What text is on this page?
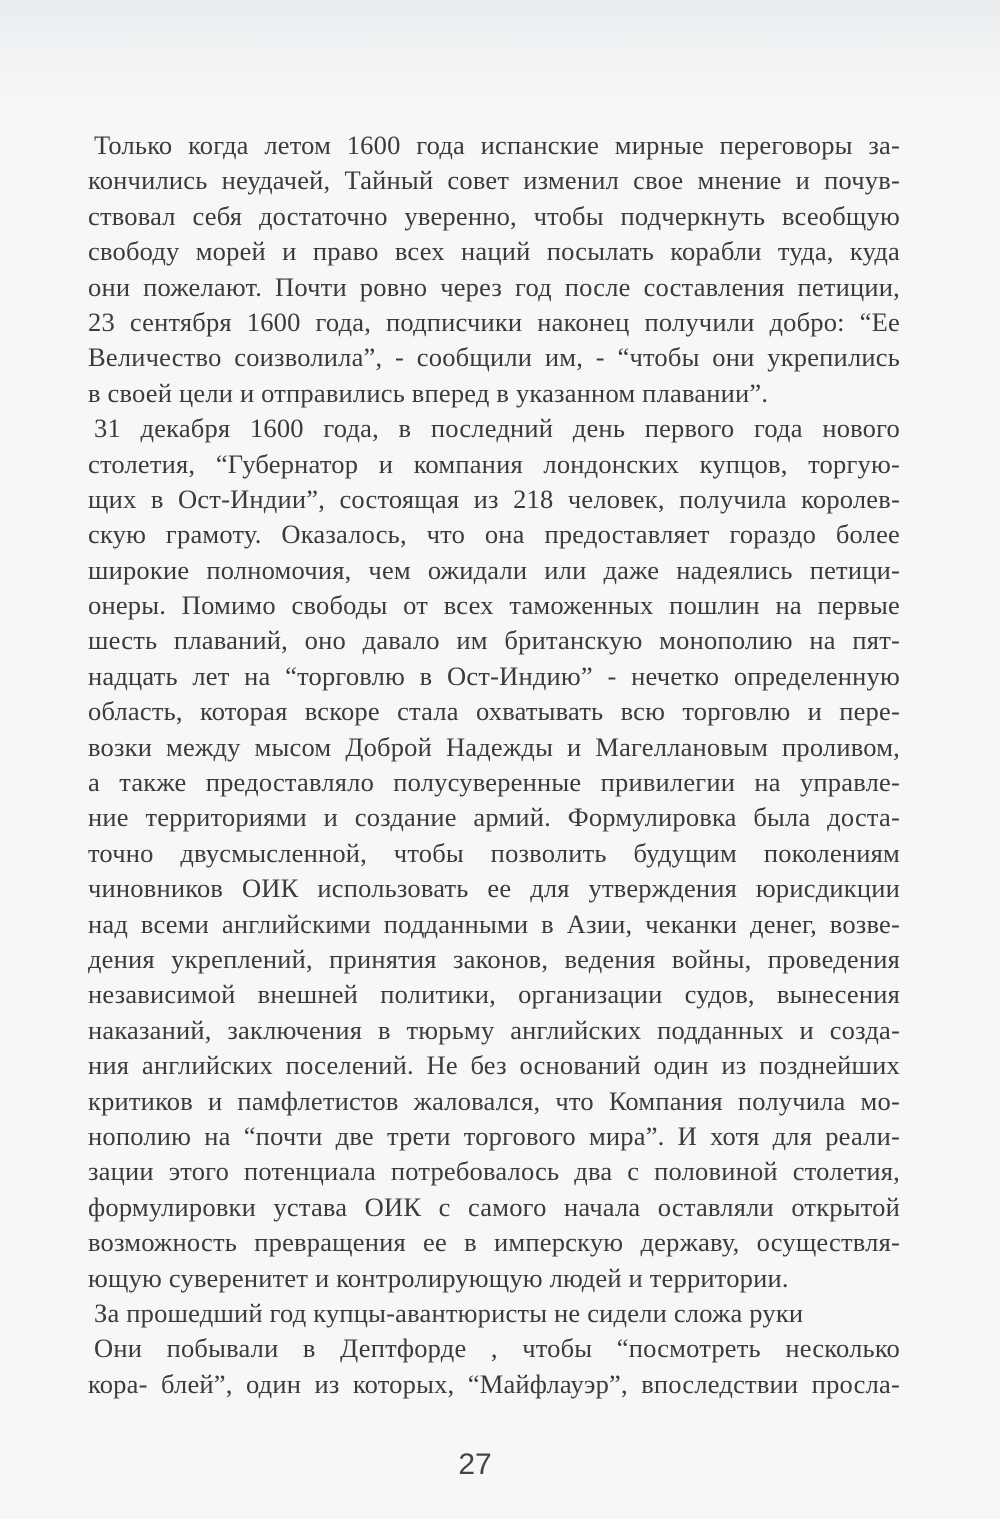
Только когда летом 1600 года испанские мирные переговоры за-
кончились неудачей, Тайный совет изменил свое мнение и почув-
ствовал себя достаточно уверенно, чтобы подчеркнуть всеобщую
свободу морей и право всех наций посылать корабли туда, куда
они пожелают. Почти ровно через год после составления петиции,
23 сентября 1600 года, подписчики наконец получили добро: “Ее
Величество соизволила”, - сообщили им, - “чтобы они укрепились
в своей цели и отправились вперед в указанном плавании”.
31 декабря 1600 года, в последний день первого года нового
столетия, “Губернатор и компания лондонских купцов, торгую-
щих в Ост-Индии”, состоящая из 218 человек, получила королев-
скую грамоту. Оказалось, что она предоставляет гораздо более
широкие полномочия, чем ожидали или даже надеялись петици-
онеры. Помимо свободы от всех таможенных пошлин на первые
шесть плаваний, оно давало им британскую монополию на пят-
надцать лет на “торговлю в Ост-Индию” - нечетко определенную
область, которая вскоре стала охватывать всю торговлю и пере-
возки между мысом Доброй Надежды и Магеллановым проливом,
а также предоставляло полусуверенные привилегии на управле-
ние территориями и создание армий. Формулировка была доста-
точно двусмысленной, чтобы позволить будущим поколениям
чиновников ОИК использовать ее для утверждения юрисдикции
над всеми английскими подданными в Азии, чеканки денег, возве-
дения укреплений, принятия законов, ведения войны, проведения
независимой внешней политики, организации судов, вынесения
наказаний, заключения в тюрьму английских подданных и созда-
ния английских поселений. Не без оснований один из позднейших
критиков и памфлетистов жаловался, что Компания получила мо-
нополию на “почти две трети торгового мира”. И хотя для реали-
зации этого потенциала потребовалось два с половиной столетия,
формулировки устава ОИК с самого начала оставляли открытой
возможность превращения ее в имперскую державу, осуществля-
ющую суверенитет и контролирующую людей и территории.
За прошедший год купцы-авантюристы не сидели сложа руки
Они побывали в Дептфорде , чтобы “посмотреть несколько
кора- блей”, один из которых, “Майфлауэр”, впоследствии просла-
27
